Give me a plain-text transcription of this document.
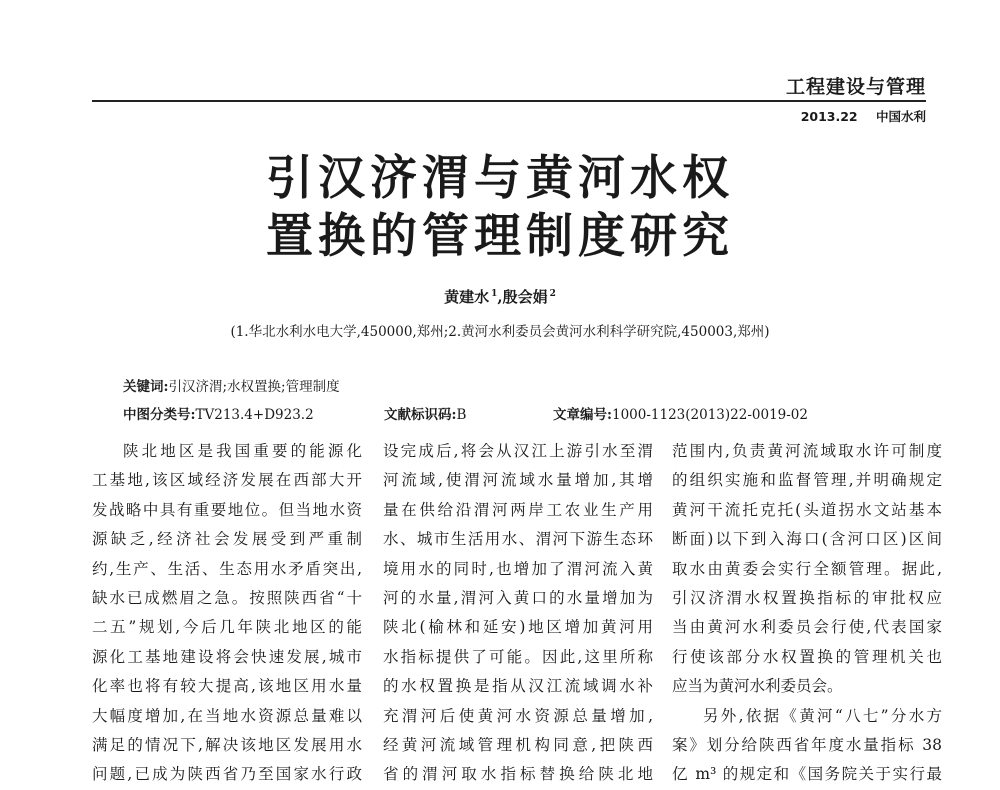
工程建设与管理
2013.22 中国水利
引汉济渭与黄河水权
置换的管理制度研究
黄建水 $^1$,殷会娟 $^2$
(1.华北水利水电大学,450000,郑州;2.黄河水利委员会黄河水利科学研究院,450003,郑州)
关键词:引汉济渭;水权置换;管理制度
中图分类号:TV213.4+D923.2	文献标识码:B	文章编号:1000-1123(2013)22-0019-02

陕北地区是我国重要的能源化

工基地,该区域经济发展在西部大开

发战略中具有重要地位。但当地水资

源缺乏,经济社会发展受到严重制

约,生产、生活、生态用水矛盾突出,

缺水已成燃眉之急。按照陕西省“十

二五”规划,今后几年陕北地区的能

源化工基地建设将会快速发展,城市

化率也将有较大提高,该地区用水量

大幅度增加,在当地水资源总量难以

满足的情况下,解决该地区发展用水

问题,已成为陕西省乃至国家水行政

设完成后,将会从汉江上游引水至渭

河流域,使渭河流域水量增加,其增

量在供给沿渭河两岸工农业生产用

水、城市生活用水、渭河下游生态环

境用水的同时,也增加了渭河流入黄

河的水量,渭河入黄口的水量增加为

陕北(榆林和延安)地区增加黄河用

水指标提供了可能。因此,这里所称

的水权置换是指从汉江流域调水补

充渭河后使黄河水资源总量增加,

经黄河流域管理机构同意,把陕西

省的渭河取水指标替换给陕北地

范围内,负责黄河流域取水许可制度

的组织实施和监督管理,并明确规定

黄河干流托克托(头道拐水文站基本

断面)以下到入海口(含河口区)区间

取水由黄委会实行全额管理。据此,

引汉济渭水权置换指标的审批权应

当由黄河水利委员会行使,代表国家

行使该部分水权置换的管理机关也

应当为黄河水利委员会。

另外,依据《黄河“八七”分水方

案》划分给陕西省年度水量指标 38

亿 m³ 的规定和《国务院关于实行最
